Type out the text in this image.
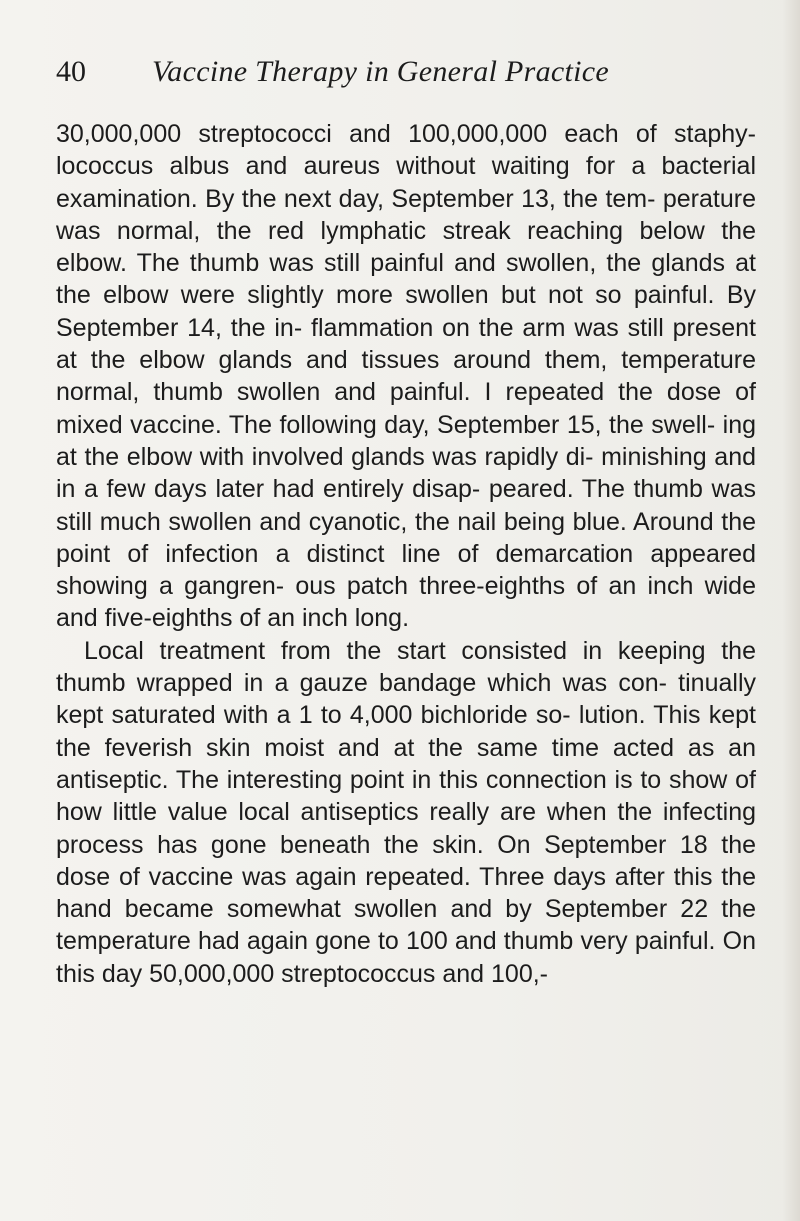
40 Vaccine Therapy in General Practice

30,000,000 streptococci and 100,000,000 each of staphy- lococcus albus and aureus without waiting for a bacterial examination. By the next day, September 13, the tem- perature was normal, the red lymphatic streak reaching below the elbow. The thumb was still painful and swollen, the glands at the elbow were slightly more swollen but not so painful. By September 14, the in- flammation on the arm was still present at the elbow glands and tissues around them, temperature normal, thumb swollen and painful. I repeated the dose of mixed vaccine. The following day, September 15, the swell- ing at the elbow with involved glands was rapidly di- minishing and in a few days later had entirely disap- peared. The thumb was still much swollen and cyanotic, the nail being blue. Around the point of infection a distinct line of demarcation appeared showing a gangren- ous patch three-eighths of an inch wide and five-eighths of an inch long.

Local treatment from the start consisted in keeping the thumb wrapped in a gauze bandage which was con- tinually kept saturated with a 1 to 4,000 bichloride so- lution. This kept the feverish skin moist and at the same time acted as an antiseptic. The interesting point in this connection is to show of how little value local antiseptics really are when the infecting process has gone beneath the skin. On September 18 the dose of vaccine was again repeated. Three days after this the hand became somewhat swollen and by September 22 the temperature had again gone to 100 and thumb very painful. On this day 50,000,000 streptococcus and 100,-
